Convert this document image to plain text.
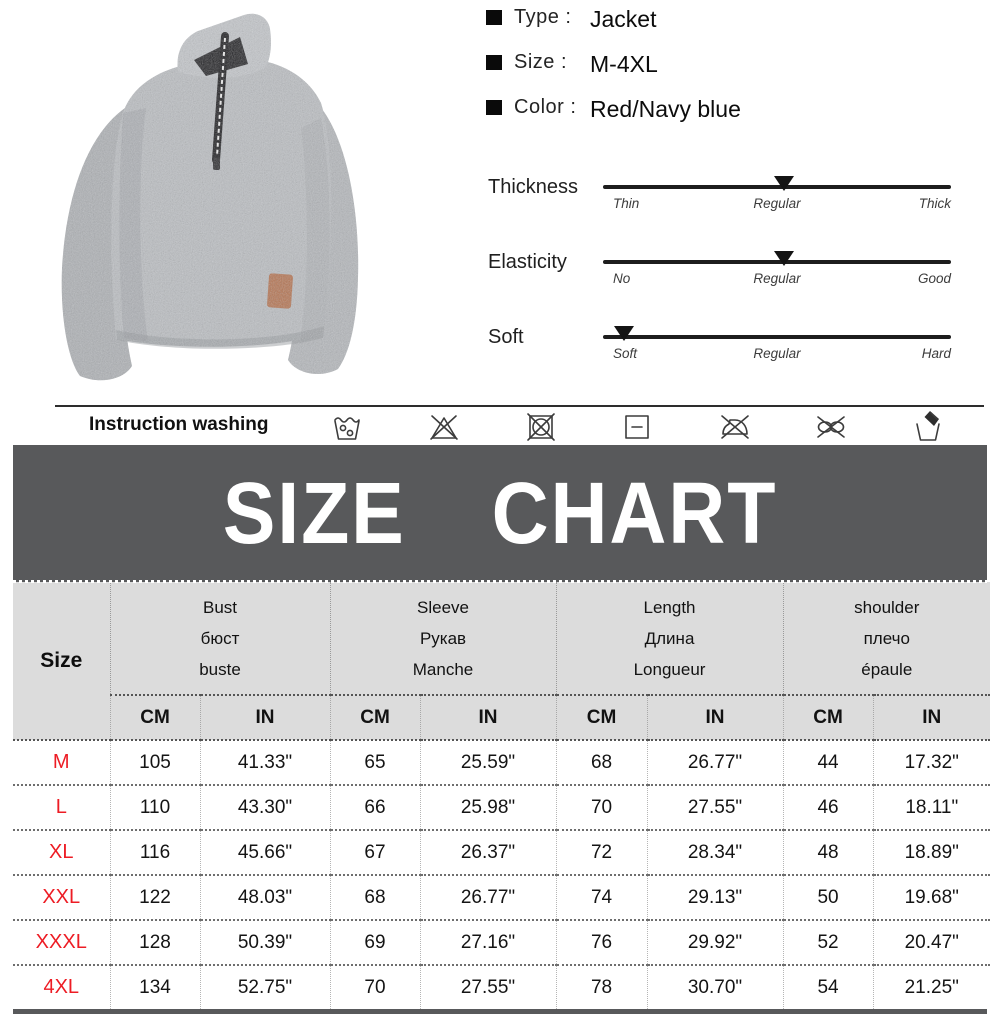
Type : Jacket
Size : M-4XL
Color : Red/Navy blue
Thickness
Thin	Regular	Thick
Elasticity
No	Regular	Good
Soft
Soft	Regular	Hard
Instruction washing
SIZE CHART
Size	
Bust
бюст
buste

Sleeve
Рукав
Manche

Length
Длина
Longueur

shoulder
плечо
épaule

	CM	IN	CM	IN	CM	IN	CM	IN
M	105	41.33"	65	25.59"	68	26.77"	44	17.32"
L	110	43.30"	66	25.98"	70	27.55"	46	18.11"
XL	116	45.66"	67	26.37"	72	28.34"	48	18.89"
XXL	122	48.03"	68	26.77"	74	29.13"	50	19.68"
XXXL	128	50.39"	69	27.16"	76	29.92"	52	20.47"
4XL	134	52.75"	70	27.55"	78	30.70"	54	21.25"
